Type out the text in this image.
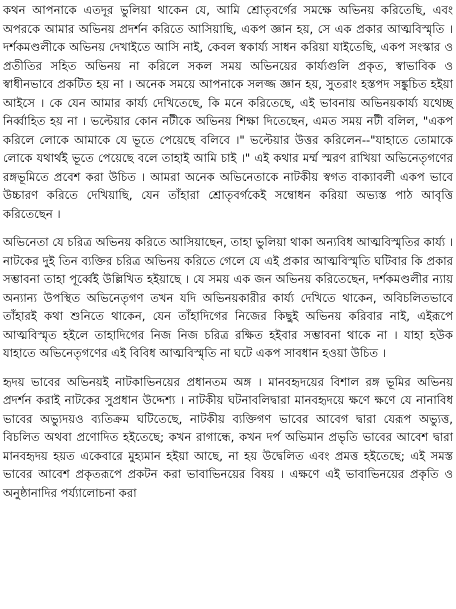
কথন আপনাকে এতদূর ভুলিয়া থাকেন যে, আমি শ্রোতৃবর্গের সমক্ষে অভিনয় করিতেছি, এবং অপরকে আমার অভিনয় প্রদর্শন করিতে আসিয়াছি, একপ জ্ঞান হয়, সে এক প্রকার আত্মবিস্মৃতি । দর্শকমণ্ডলীকে অভিনয় দেখাইতে আসি নাই, কেবল স্বকার্য্য সাধন করিয়া যাইতেছি, একপ সংস্কার ও প্রতীতির সহিত অভিনয় না করিলে সকল সময় অভিনয়ের কার্য্যগুলি প্রকৃত, স্বাভাবিক ও স্বাধীনভাবে প্রকটিত হয় না । অনেক সময়ে আপনাকে সলজ্জ জ্ঞান হয়, সুতরাং হস্তপদ সঙ্কুচিত হইয়া আইসে । কে যেন আমার কার্য্য দেখিতেছে, কি মনে করিতেছে, এই ভাবনায় অভিনয়কার্য্য যথেচ্ছ নির্ব্বাহিত হয় না । ভল্টেয়ার কোন নটীকে অভিনয় শিক্ষা দিতেছেন, এমত সময় নটী বলিল, "একপ করিলে লোকে আমাকে যে ভূতে পেয়েছে বলিবে ।" ভল্টেয়ার উত্তর করিলেন--"যাহাতে তোমাকে লোকে যথার্থই ভূতে পেয়েছে বলে তাহাই আমি চাই ।" এই কথার মর্ম্ম স্মরণ রাখিয়া অভিনেতৃগণের রঙ্গভূমিতে প্রবেশ করা উচিত । আমরা অনেক অভিনেতাকে নাটকীয় স্বগত বাক্যাবলী একপ ভাবে উচ্চারণ করিতে দেখিয়াছি, যেন তাঁহারা শ্রোতৃবর্গকেই সম্বোধন করিয়া অভ্যস্ত পাঠ আবৃত্তি করিতেছেন ।

অভিনেতা যে চরিত্র অভিনয় করিতে আসিয়াছেন, তাহা ভুলিয়া থাকা অন্যবিধ আত্মবিস্মৃতির কার্য্য । নাটকের দুই তিন ব্যক্তির চরিত্র অভিনয় করিতে গেলে যে এই প্রকার আত্মবিস্মৃতি ঘটিবার কি প্রকার সম্ভাবনা তাহা পূর্ব্বেই উল্লিখিত হইয়াছে । যে সময় এক জন অভিনয় করিতেছেন, দর্শকমণ্ডলীর ন্যায় অন্যান্য উপস্থিত অভিনেতৃগণ তখন যদি অভিনয়কারীর কার্য্য দেখিতে থাকেন, অবিচলিতভাবে তাঁহারই কথা শুনিতে থাকেন, যেন তাঁহাদিগের নিজের কিছুই অভিনয় করিবার নাই, এইরূপে আত্মবিস্মৃত হইলে তাহাদিগের নিজ নিজ চরিত্র রক্ষিত হইবার সম্ভাবনা থাকে না । যাহা হউক যাহাতে অভিনেতৃগণের এই বিবিধ আত্মবিস্মৃতি না ঘটে একপ সাবধান হওয়া উচিত ।

হৃদয় ভাবের অভিনয়ই নাটকাভিনয়ের প্রধানতম অঙ্গ । মানবহৃদয়ের বিশাল রঙ্গ ভূমির অভিনয় প্রদর্শন করাই নাটকের সুপ্রধান উদ্দেশ্য । নাটকীয় ঘটনাবলিদ্বারা মানবহৃদয়ে ক্ষণে ক্ষণে যে নানাবিধ ভাবের অভ্যুদয়ও ব্যতিক্রম ঘটিতেছে, নাটকীয় ব্যক্তিগণ ভাবের আবেগ দ্বারা যেরূপ অভ্যুত্ত, বিচলিত অথবা প্রণোদিত হইতেছে; কখন রাগান্ধে, কখন দর্প অভিমান প্রভৃতি ভাবের আবেশ দ্বারা মানবহৃদয় হয়ত একেবারে মুহ্যমান হইয়া আছে, না হয় উদ্বেলিত এবং প্রমত্ত হইতেছে; এই সমস্ত ভাবের আবেশ প্রকৃতরূপে প্রকটন করা ভাবাভিনয়ের বিষয় । এক্ষণে এই ভাবাভিনয়ের প্রকৃতি ও অনুষ্ঠানাদির পর্য্যালোচনা করা
